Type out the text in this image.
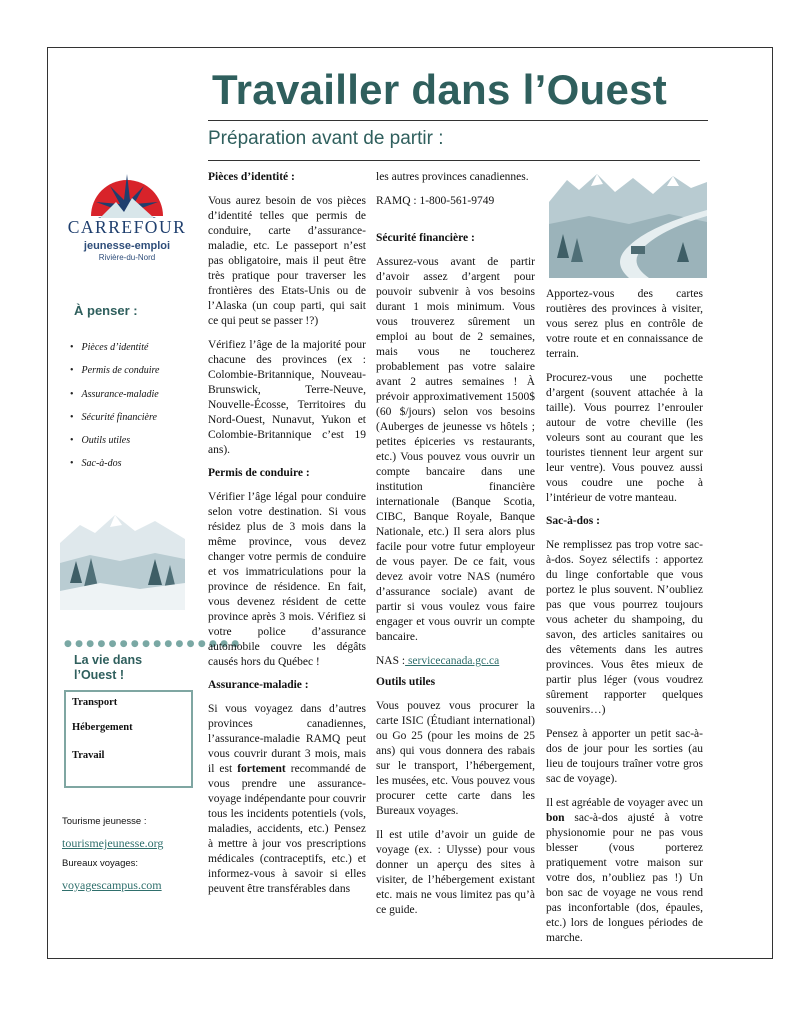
Travailler dans l’Ouest
Préparation avant de partir :
CARREFOUR
jeunesse-emploi
Rivière-du-Nord
À penser :
• Pièces d’identité
• Permis de conduire
• Assurance-maladie
• Sécurité financière
• Outils utiles
• Sac-à-dos
●●●●●●●●●●●●●●●●
La vie dans
l’Ouest !
Transport
Hébergement
Travail
Tourisme jeunesse :
tourismejeunesse.org
Bureaux voyages:
voyagescampus.com

Pièces d’identité :

Vous aurez besoin de vos pièces d’identité telles que permis de conduire, carte d’assurance-maladie, etc. Le passeport n’est pas obligatoire, mais il peut être très pratique pour traverser les frontières des Etats-Unis ou de l’Alaska (un coup parti, qui sait ce qui peut se passer !?)

Vérifiez l’âge de la majorité pour chacune des provinces (ex : Colombie-Britannique, Nouveau-Brunswick, Terre-Neuve, Nouvelle-Écosse, Territoires du Nord-Ouest, Nunavut, Yukon et Colombie-Britannique c’est 19 ans).

Permis de conduire :

Vérifier l’âge légal pour conduire selon votre destination. Si vous résidez plus de 3 mois dans la même province, vous devez changer votre permis de conduire et vos immatriculations pour la province de résidence. En fait, vous devenez résident de cette province après 3 mois. Vérifiez si votre police d’assurance automobile couvre les dégâts causés hors du Québec !

Assurance-maladie :

Si vous voyagez dans d’autres provinces canadiennes, l’assurance-maladie RAMQ peut vous couvrir durant 3 mois, mais il est fortement recommandé de vous prendre une assurance-voyage indépendante pour couvrir tous les incidents potentiels (vols, maladies, accidents, etc.) Pensez à mettre à jour vos prescriptions médicales (contraceptifs, etc.) et informez-vous à savoir si elles peuvent être transférables dans

les autres provinces canadiennes.

RAMQ : 1-800-561-9749

Sécurité financière :

Assurez-vous avant de partir d’avoir assez d’argent pour pouvoir subvenir à vos besoins durant 1 mois minimum. Vous vous trouverez sûrement un emploi au bout de 2 semaines, mais vous ne toucherez probablement pas votre salaire avant 2 autres semaines ! À prévoir approximativement 1500$ (60 $/jours) selon vos besoins (Auberges de jeunesse vs hôtels ; petites épiceries vs restaurants, etc.) Vous pouvez vous ouvrir un compte bancaire dans une institution financière internationale (Banque Scotia, CIBC, Banque Royale, Banque Nationale, etc.) Il sera alors plus facile pour votre futur employeur de vous payer. De ce fait, vous devez avoir votre NAS (numéro d’assurance sociale) avant de partir si vous voulez vous faire engager et vous ouvrir un compte bancaire.

NAS : servicecanada.gc.ca

Outils utiles

Vous pouvez vous procurer la carte ISIC (Étudiant international) ou Go 25 (pour les moins de 25 ans) qui vous donnera des rabais sur le transport, l’hébergement, les musées, etc. Vous pouvez vous procurer cette carte dans les Bureaux voyages.

Il est utile d’avoir un guide de voyage (ex. : Ulysse) pour vous donner un aperçu des sites à visiter, de l’hébergement existant etc. mais ne vous limitez pas qu’à ce guide.

Apportez-vous des cartes routières des provinces à visiter, vous serez plus en contrôle de votre route et en connaissance de terrain.

Procurez-vous une pochette d’argent (souvent attachée à la taille). Vous pourrez l’enrouler autour de votre cheville (les voleurs sont au courant que les touristes tiennent leur argent sur leur ventre). Vous pouvez aussi vous coudre une poche à l’intérieur de votre manteau.

Sac-à-dos :

Ne remplissez pas trop votre sac-à-dos. Soyez sélectifs : apportez du linge confortable que vous portez le plus souvent. N’oubliez pas que vous pourrez toujours vous acheter du shampoing, du savon, des articles sanitaires ou des vêtements dans les autres provinces. Vous êtes mieux de partir plus léger (vous voudrez sûrement rapporter quelques souvenirs…)

Pensez à apporter un petit sac-à-dos de jour pour les sorties (au lieu de toujours traîner votre gros sac de voyage).

Il est agréable de voyager avec un bon sac-à-dos ajusté à votre physionomie pour ne pas vous blesser (vous porterez pratiquement votre maison sur votre dos, n’oubliez pas !) Un bon sac de voyage ne vous rend pas inconfortable (dos, épaules, etc.) lors de longues périodes de marche.
